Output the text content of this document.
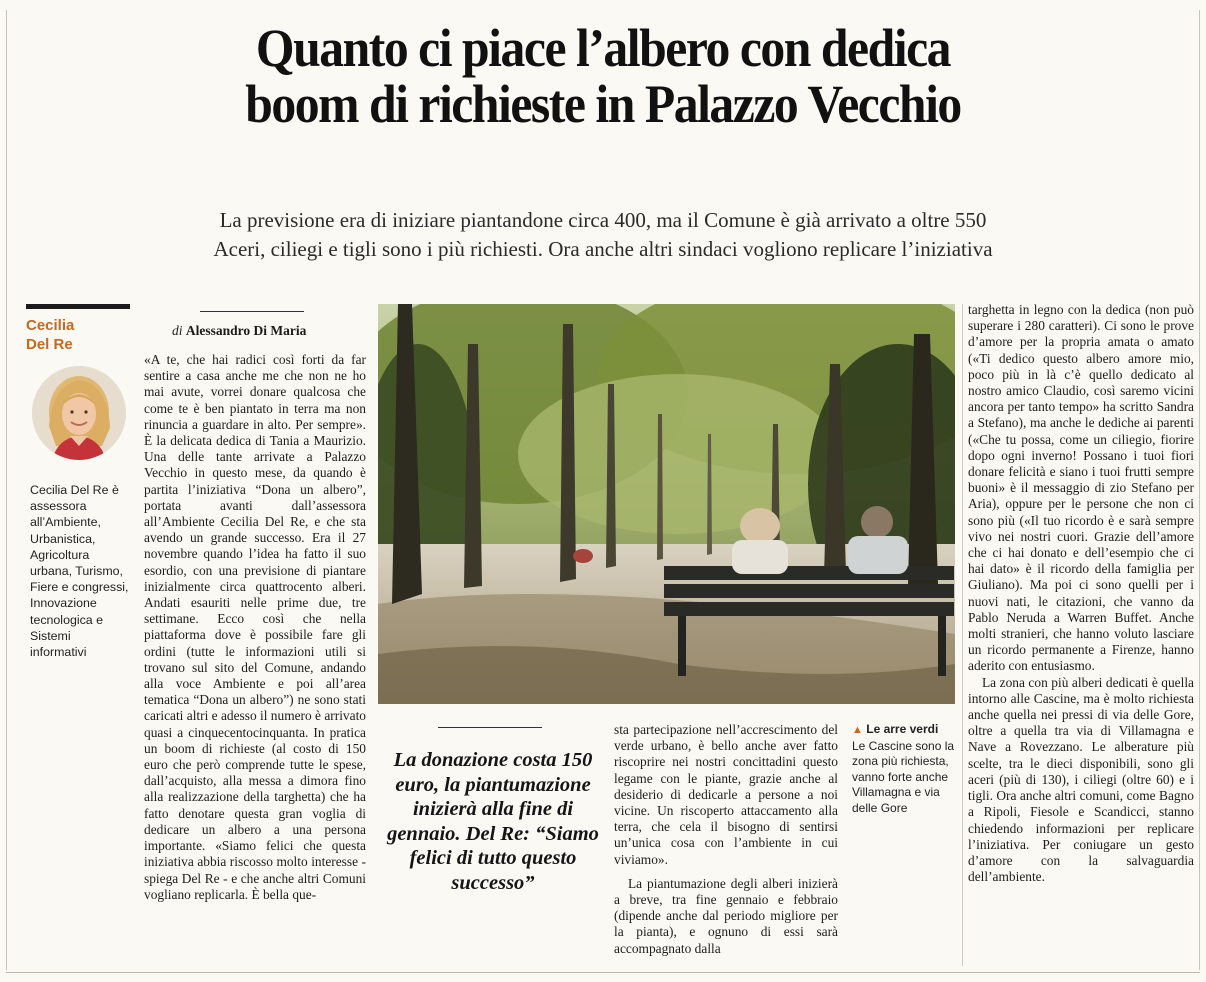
Quanto ci piace l’albero con dedica
boom di richieste in Palazzo Vecchio
La previsione era di iniziare piantandone circa 400, ma il Comune è già arrivato a oltre 550
Aceri, ciliegi e tigli sono i più richiesti. Ora anche altri sindaci vogliono replicare l’iniziativa
Cecilia
Del Re
Cecilia Del Re è assessora all’Ambiente, Urbanistica, Agricoltura urbana, Turismo, Fiere e congressi, Innovazione tecnologica e Sistemi informativi
di Alessandro Di Maria

«A te, che hai radici così forti da far sentire a casa anche me che non ne ho mai avute, vorrei donare qualcosa che come te è ben piantato in terra ma non rinuncia a guardare in alto. Per sempre». È la delicata dedica di Tania a Maurizio. Una delle tante arrivate a Palazzo Vecchio in questo mese, da quando è partita l’iniziativa “Dona un albero”, portata avanti dall’assessora all’Ambiente Cecilia Del Re, e che sta avendo un grande successo. Era il 27 novembre quando l’idea ha fatto il suo esordio, con una previsione di piantare inizialmente circa quattrocento alberi. Andati esauriti nelle prime due, tre settimane. Ecco così che nella piattaforma dove è possibile fare gli ordini (tutte le informazioni utili si trovano sul sito del Comune, andando alla voce Ambiente e poi all’area tematica “Dona un albero”) ne sono stati caricati altri e adesso il numero è arrivato quasi a cinquecentocinquanta. In pratica un boom di richieste (al costo di 150 euro che però comprende tutte le spese, dall’acquisto, alla messa a dimora fino alla realizzazione della targhetta) che ha fatto denotare questa gran voglia di dedicare un albero a una persona importante. «Siamo felici che questa iniziativa abbia riscosso molto interesse - spiega Del Re - e che anche altri Comuni vogliano replicarla. È bella que-

La donazione costa 150 euro, la piantumazione inizierà alla fine di gennaio. Del Re: “Siamo felici di tutto questo successo”

sta partecipazione nell’accrescimento del verde urbano, è bello anche aver fatto riscoprire nei nostri concittadini questo legame con le piante, grazie anche al desiderio di dedicarle a persone a noi vicine. Un riscoperto attaccamento alla terra, che cela il bisogno di sentirsi un’unica cosa con l’ambiente in cui viviamo».

La piantumazione degli alberi inizierà a breve, tra fine gennaio e febbraio (dipende anche dal periodo migliore per la pianta), e ognuno di essi sarà accompagnato dalla

▲ Le arre verdi
Le Cascine sono la zona più richiesta, vanno forte anche Villamagna e via delle Gore

targhetta in legno con la dedica (non può superare i 280 caratteri). Ci sono le prove d’amore per la propria amata o amato («Ti dedico questo albero amore mio, poco più in là c’è quello dedicato al nostro amico Claudio, così saremo vicini ancora per tanto tempo» ha scritto Sandra a Stefano), ma anche le dediche ai parenti («Che tu possa, come un ciliegio, fiorire dopo ogni inverno! Possano i tuoi fiori donare felicità e siano i tuoi frutti sempre buoni» è il messaggio di zio Stefano per Aria), oppure per le persone che non ci sono più («Il tuo ricordo è e sarà sempre vivo nei nostri cuori. Grazie dell’amore che ci hai donato e dell’esempio che ci hai dato» è il ricordo della famiglia per Giuliano). Ma poi ci sono quelli per i nuovi nati, le citazioni, che vanno da Pablo Neruda a Warren Buffet. Anche molti stranieri, che hanno voluto lasciare un ricordo permanente a Firenze, hanno aderito con entusiasmo.

La zona con più alberi dedicati è quella intorno alle Cascine, ma è molto richiesta anche quella nei pressi di via delle Gore, oltre a quella tra via di Villamagna e Nave a Rovezzano. Le alberature più scelte, tra le dieci disponibili, sono gli aceri (più di 130), i ciliegi (oltre 60) e i tigli. Ora anche altri comuni, come Bagno a Ripoli, Fiesole e Scandicci, stanno chiedendo informazioni per replicare l’iniziativa. Per coniugare un gesto d’amore con la salvaguardia dell’ambiente.
